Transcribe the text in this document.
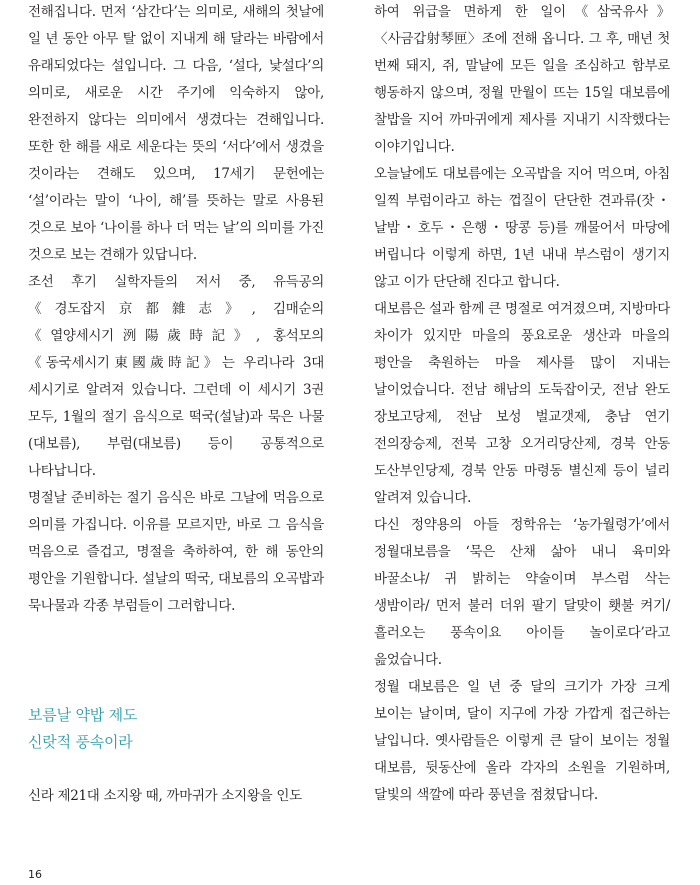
전해집니다. 먼저 ‘삼간다’는 의미로, 새해의 첫날에 일 년 동안 아무 탈 없이 지내게 해 달라는 바람에서 유래되었다는 설입니다. 그 다음, ‘설다, 낯설다’의 의미로, 새로운 시간 주기에 익숙하지 않아, 완전하지 않다는 의미에서 생겼다는 견해입니다. 또한 한 해를 새로 세운다는 뜻의 ‘서다’에서 생겼을 것이라는 견해도 있으며, 17세기 문헌에는 ‘설’이라는 말이 ‘나이, 해’를 뜻하는 말로 사용된 것으로 보아 ‘나이를 하나 더 먹는 날’의 의미를 가진 것으로 보는 견해가 있답니다.

조선 후기 실학자들의 저서 중, 유득공의《경도잡지京都雜志》, 김매순의《열양세시기洌陽歲時記》, 홍석모의《동국세시기東國歲時記》는 우리나라 3대 세시기로 알려져 있습니다. 그런데 이 세시기 3권 모두, 1월의 절기 음식으로 떡국(설날)과 묵은 나물(대보름), 부럼(대보름) 등이 공통적으로 나타납니다.

명절날 준비하는 절기 음식은 바로 그날에 먹음으로 의미를 가집니다. 이유를 모르지만, 바로 그 음식을 먹음으로 즐겁고, 명절을 축하하여, 한 해 동안의 평안을 기원합니다. 설날의 떡국, 대보름의 오곡밥과 묵나물과 각종 부럼들이 그러합니다.

보름날 약밥 제도

신랏적 풍속이라

신라 제21대 소지왕 때, 까마귀가 소지왕을 인도

하여 위급을 면하게 한 일이《삼국유사》〈사금갑射琴匣〉조에 전해 옵니다. 그 후, 매년 첫 번째 돼지, 쥐, 말날에 모든 일을 조심하고 함부로 행동하지 않으며, 정월 만월이 뜨는 15일 대보름에 찰밥을 지어 까마귀에게 제사를 지내기 시작했다는 이야기입니다.

오늘날에도 대보름에는 오곡밥을 지어 먹으며, 아침 일찍 부럼이라고 하는 껍질이 단단한 견과류(잣・날밤・호두・은행・땅콩 등)를 깨물어서 마당에 버립니다 이렇게 하면, 1년 내내 부스럼이 생기지 않고 이가 단단해 진다고 합니다.

대보름은 설과 함께 큰 명절로 여겨졌으며, 지방마다 차이가 있지만 마을의 풍요로운 생산과 마을의 평안을 축원하는 마을 제사를 많이 지내는 날이었습니다. 전남 해남의 도둑잡이굿, 전남 완도 장보고당제, 전남 보성 벌교갯제, 충남 연기 전의장승제, 전북 고창 오거리당산제, 경북 안동 도산부인당제, 경북 안동 마령동 별신제 등이 널리 알려져 있습니다.

다신 정약용의 아들 정학유는 ‘농가월령가’에서 정월대보름을 ‘묵은 산채 삶아 내니 육미와 바꿀소냐/ 귀 밝히는 약술이며 부스럼 삭는 생밤이라/ 먼저 불러 더위 팔기 달맞이 횃불 켜기/ 흘러오는 풍속이요 아이들 놀이로다’라고 읊었습니다.

정월 대보름은 일 년 중 달의 크기가 가장 크게 보이는 날이며, 달이 지구에 가장 가깝게 접근하는 날입니다. 옛사람들은 이렇게 큰 달이 보이는 정월 대보름, 뒷동산에 올라 각자의 소원을 기원하며, 달빛의 색깔에 따라 풍년을 점쳤답니다.

16
